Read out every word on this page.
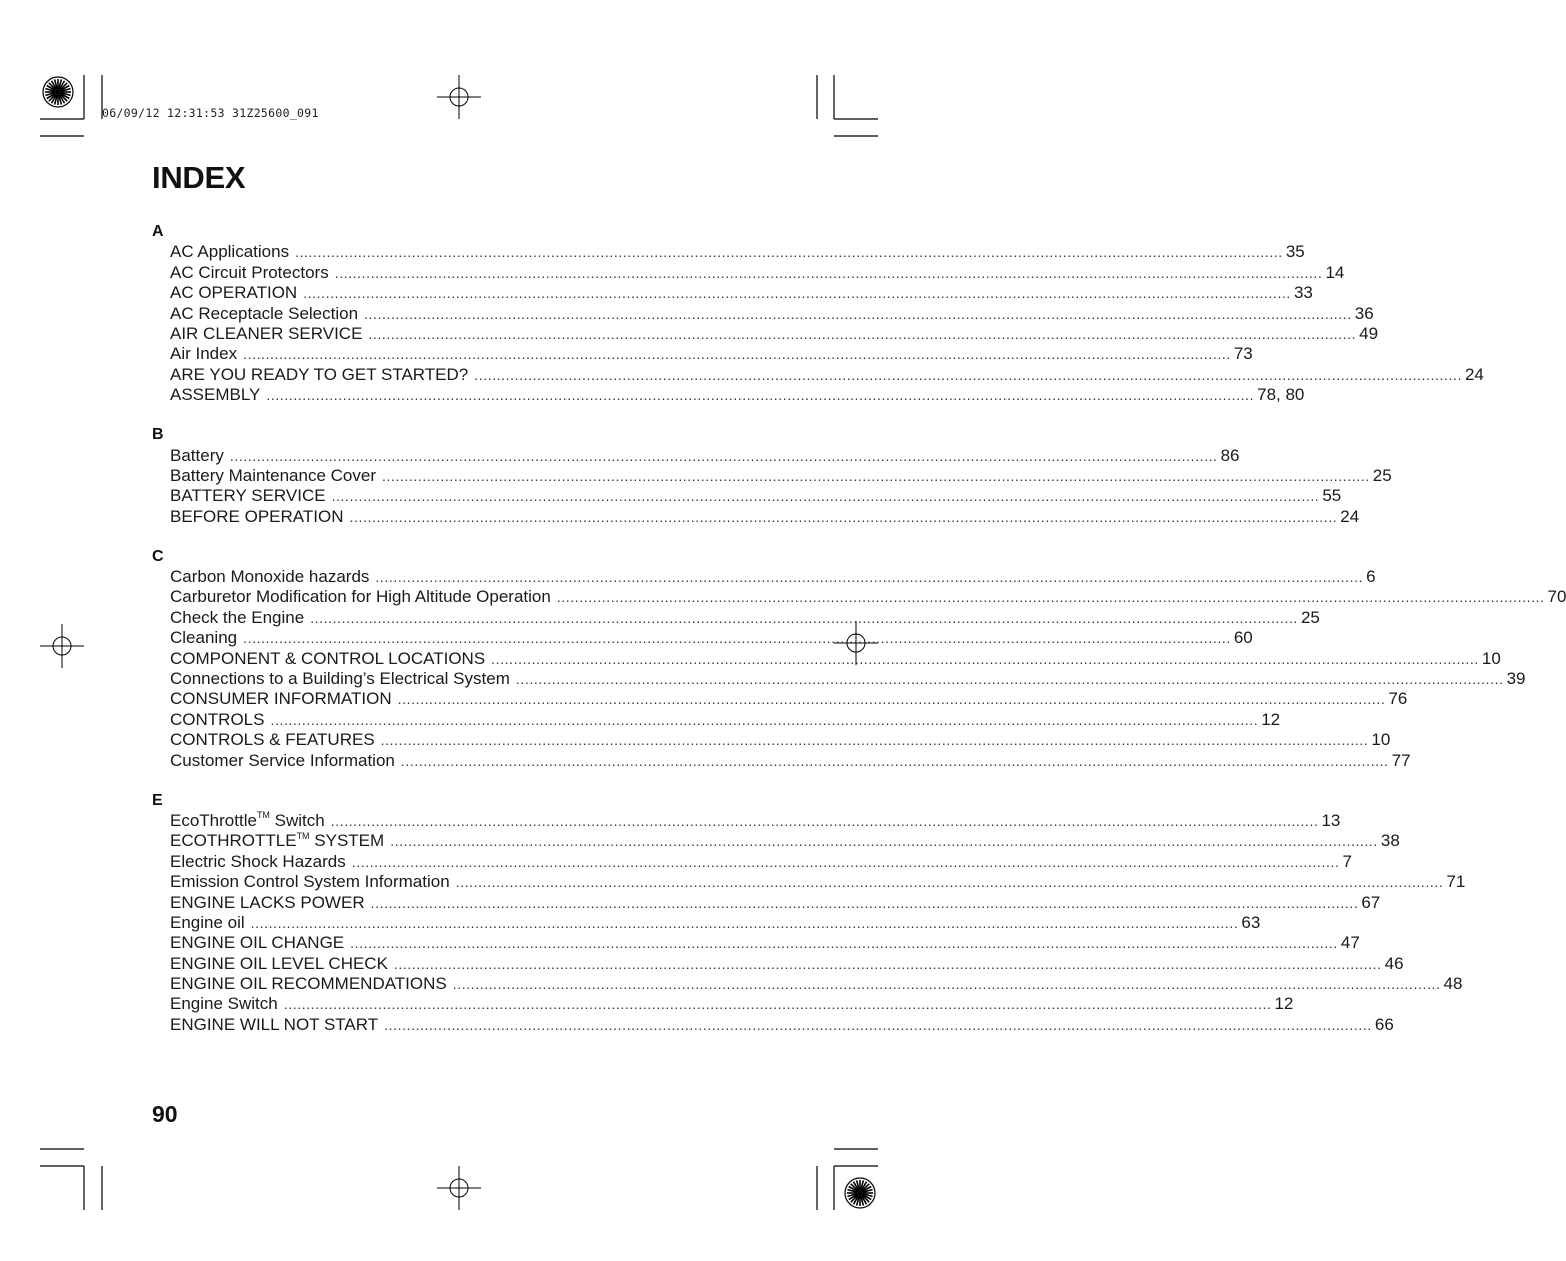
06/09/12 12:31:53 31Z25600_091
INDEX
A
AC Applications ............................................................................................................................................................................................................................ 35
AC Circuit Protectors ............................................................................................................................................................................................................................ 14
AC OPERATION ............................................................................................................................................................................................................................ 33
AC Receptacle Selection ............................................................................................................................................................................................................................ 36
AIR CLEANER SERVICE ............................................................................................................................................................................................................................ 49
Air Index ............................................................................................................................................................................................................................ 73
ARE YOU READY TO GET STARTED? ............................................................................................................................................................................................................................ 24
ASSEMBLY ............................................................................................................................................................................................................................ 78, 80
B
Battery ............................................................................................................................................................................................................................ 86
Battery Maintenance Cover ............................................................................................................................................................................................................................ 25
BATTERY SERVICE ............................................................................................................................................................................................................................ 55
BEFORE OPERATION ............................................................................................................................................................................................................................ 24
C
Carbon Monoxide hazards ............................................................................................................................................................................................................................ 6
Carburetor Modification for High Altitude Operation ............................................................................................................................................................................................................................ 70
Check the Engine ............................................................................................................................................................................................................................ 25
Cleaning ............................................................................................................................................................................................................................ 60
COMPONENT & CONTROL LOCATIONS ............................................................................................................................................................................................................................ 10
Connections to a Building’s Electrical System ............................................................................................................................................................................................................................ 39
CONSUMER INFORMATION ............................................................................................................................................................................................................................ 76
CONTROLS ............................................................................................................................................................................................................................ 12
CONTROLS & FEATURES ............................................................................................................................................................................................................................ 10
Customer Service Information ............................................................................................................................................................................................................................ 77
E
EcoThrottle™ Switch ............................................................................................................................................................................................................................ 13
ECOTHROTTLE™ SYSTEM ............................................................................................................................................................................................................................ 38
Electric Shock Hazards ............................................................................................................................................................................................................................ 7
Emission Control System Information ............................................................................................................................................................................................................................ 71
ENGINE LACKS POWER ............................................................................................................................................................................................................................ 67
Engine oil ............................................................................................................................................................................................................................ 63
ENGINE OIL CHANGE ............................................................................................................................................................................................................................ 47
ENGINE OIL LEVEL CHECK ............................................................................................................................................................................................................................ 46
ENGINE OIL RECOMMENDATIONS ............................................................................................................................................................................................................................ 48
Engine Switch ............................................................................................................................................................................................................................ 12
ENGINE WILL NOT START ............................................................................................................................................................................................................................ 66
90
